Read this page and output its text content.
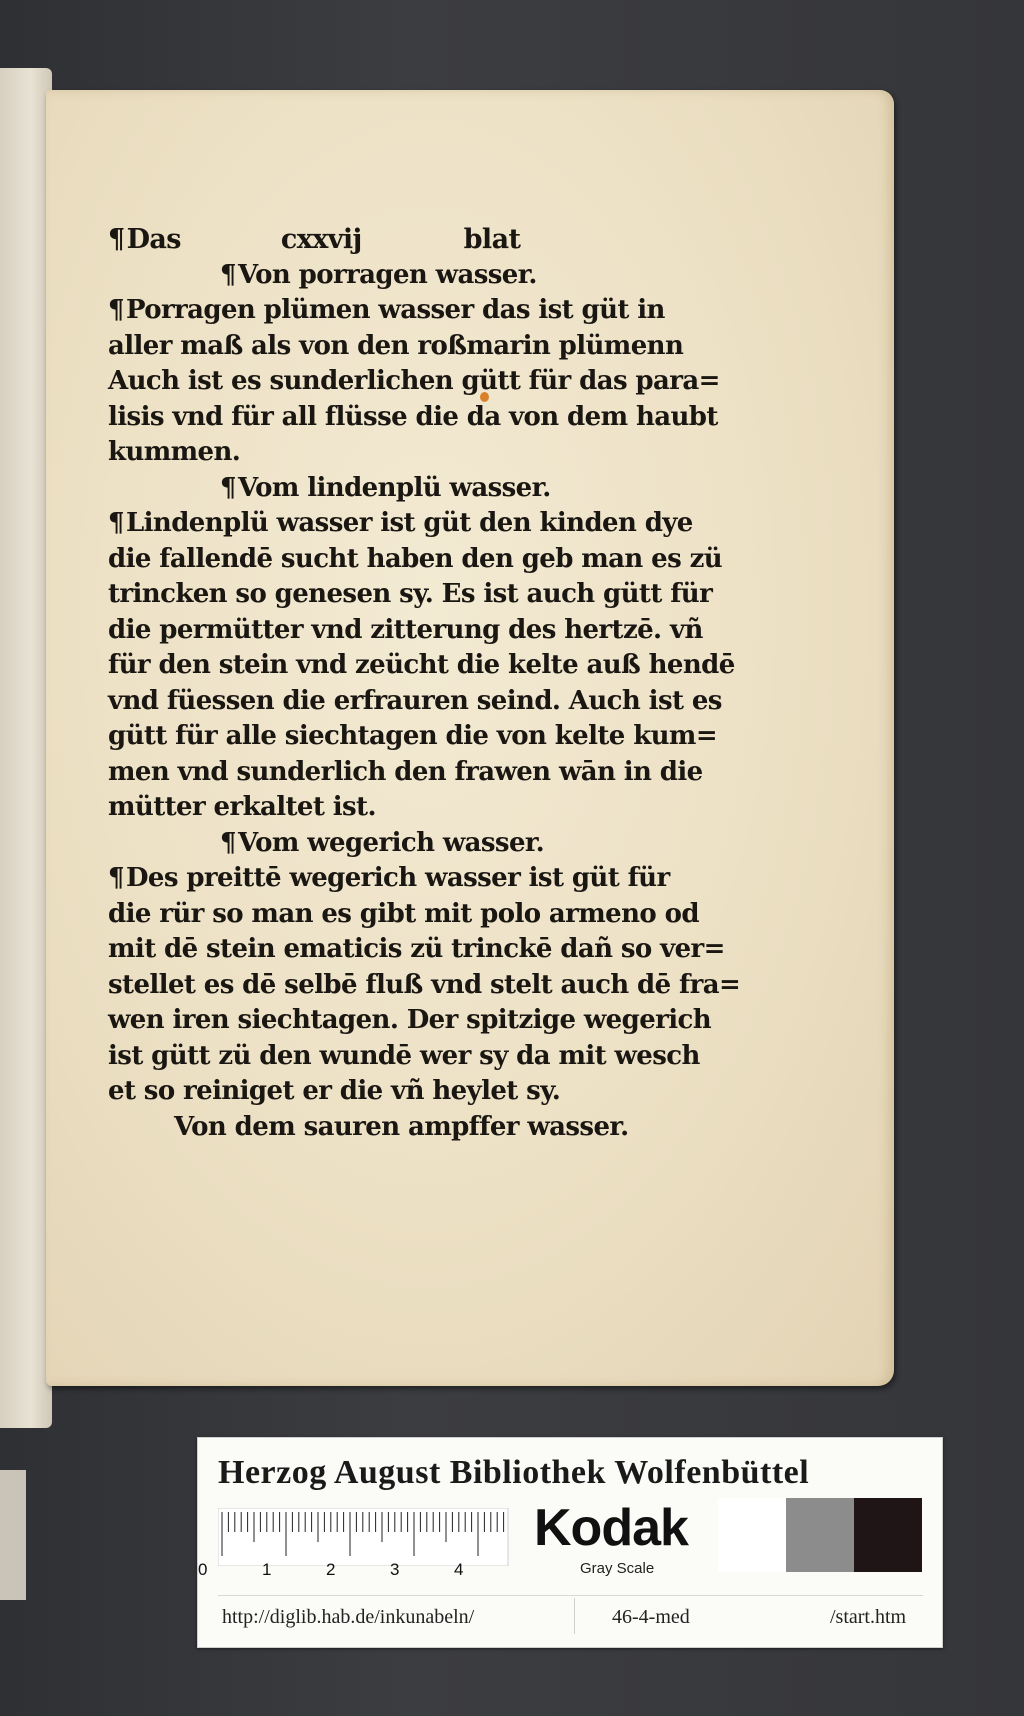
¶ Das	cxxvij	blat
¶Von porragen wasser.
¶Porragen plümen wasser das ist güt in
aller maß als von den roßmarin plümenn
Auch ist es sunderlichen gütt für das para=
lisis vnd für all flüsse die da von dem haubt
kummen.
¶Vom lindenplü wasser.
¶Lindenplü wasser ist güt den kinden dye
die fallendē sucht haben den geb man es zü
trincken so genesen sy. Es ist auch gütt für
die permütter vnd zitterung des hertzē. vñ
für den stein vnd zeücht die kelte auß hendē
vnd füessen die erfrauren seind. Auch ist es
gütt für alle siechtagen die von kelte kum=
men vnd sunderlich den frawen wān in die
mütter erkaltet ist.
¶Vom wegerich wasser.
¶Des preittē wegerich wasser ist güt für
die rür so man es gibt mit polo armeno od
mit dē stein ematicis zü trinckē dañ so ver=
stellet es dē selbē fluß vnd stelt auch dē fra=
wen iren siechtagen. Der spitzige wegerich
ist gütt zü den wundē wer sy da mit wesch
et so reiniget er die vñ heylet sy.
Von dem sauren ampffer wasser.
Herzog August Bibliothek Wolfenbüttel
0	1	2	3	4
Kodak
Gray Scale
http://diglib.hab.de/inkunabeln/	46-4-med	/start.htm
